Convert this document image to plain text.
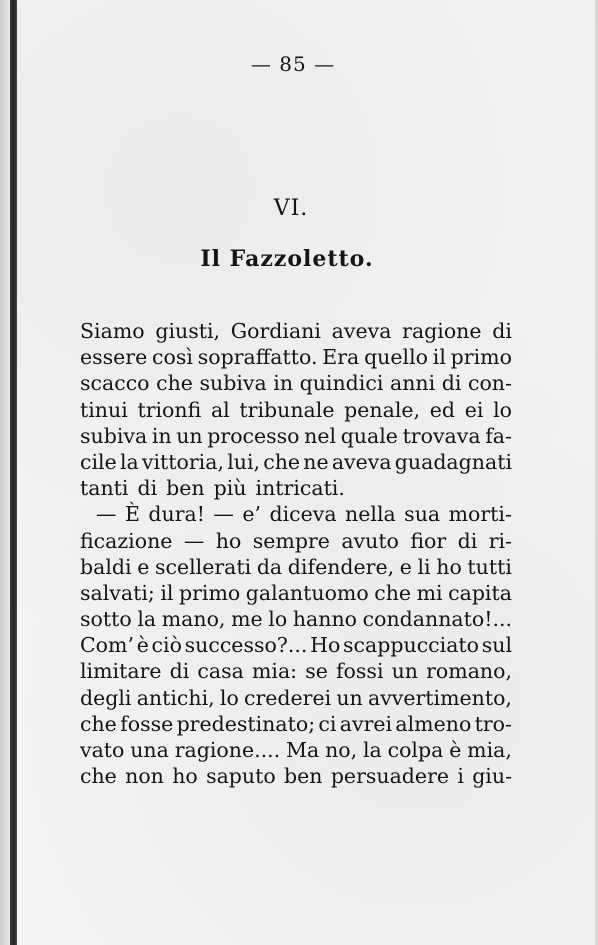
— 85 —
VI.
Il Fazzoletto.
Siamo giusti, Gordiani aveva ragione di
essere così sopraffatto. Era quello il primo
scacco che subiva in quindici anni di con-
tinui trionfi al tribunale penale, ed ei lo
subiva in un processo nel quale trovava fa-
cile la vittoria, lui, che ne aveva guadagnati
tanti di ben più intricati.
— È dura! — e’ diceva nella sua morti-
ficazione — ho sempre avuto fior di ri-
baldi e scellerati da difendere, e li ho tutti
salvati; il primo galantuomo che mi capita
sotto la mano, me lo hanno condannato!...
Com’ è ciò successo?... Ho scappucciato sul
limitare di casa mia: se fossi un romano,
degli antichi, lo crederei un avvertimento,
che fosse predestinato; ci avrei almeno tro-
vato una ragione.... Ma no, la colpa è mia,
che non ho saputo ben persuadere i giu-
